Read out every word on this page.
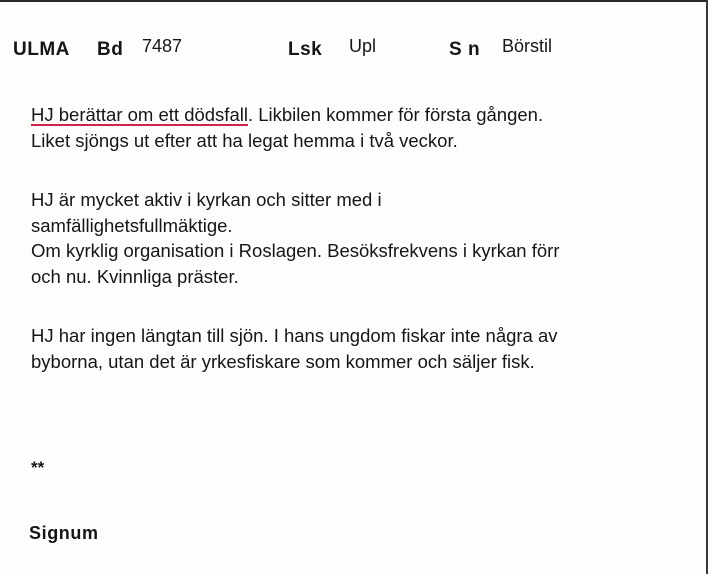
ULMA Bd 7487	Lsk Upl	S n Börstil
HJ berättar om ett dödsfall. Likbilen kommer för första gången.
Liket sjöngs ut efter att ha legat hemma i två veckor.
HJ är mycket aktiv i kyrkan och sitter med i
samfällighetsfullmäktige.
Om kyrklig organisation i Roslagen. Besöksfrekvens i kyrkan förr
och nu. Kvinnliga präster.
HJ har ingen längtan till sjön. I hans ungdom fiskar inte några av
byborna, utan det är yrkesfiskare som kommer och säljer fisk.
**
Signum
